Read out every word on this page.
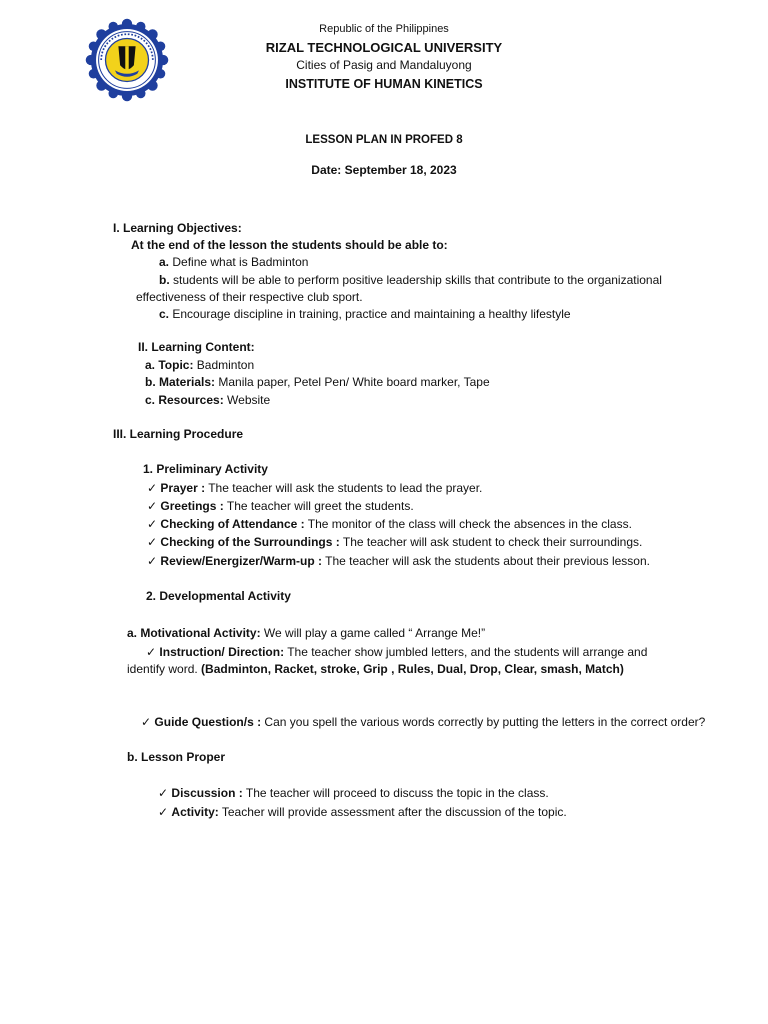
Republic of the Philippines
RIZAL TECHNOLOGICAL UNIVERSITY
Cities of Pasig and Mandaluyong
INSTITUTE OF HUMAN KINETICS
LESSON PLAN IN PROFED 8
Date: September 18, 2023
I. Learning Objectives:
At the end of the lesson the students should be able to:
a. Define what is Badminton
b. students will be able to perform positive leadership skills that contribute to the organizational
effectiveness of their respective club sport.
c. Encourage discipline in training, practice and maintaining a healthy lifestyle
II. Learning Content:
a. Topic: Badminton
b. Materials: Manila paper, Petel Pen/ White board marker, Tape
c. Resources: Website
III. Learning Procedure
1. Preliminary Activity
✓ Prayer : The teacher will ask the students to lead the prayer.
✓ Greetings : The teacher will greet the students.
✓ Checking of Attendance : The monitor of the class will check the absences in the class.
✓ Checking of the Surroundings : The teacher will ask student to check their surroundings.
✓ Review/Energizer/Warm-up : The teacher will ask the students about their previous lesson.
2. Developmental Activity
a. Motivational Activity: We will play a game called “ Arrange Me!”
✓ Instruction/ Direction: The teacher show jumbled letters, and the students will arrange and
identify word. (Badminton, Racket, stroke, Grip , Rules, Dual, Drop, Clear, smash, Match)
✓ Guide Question/s : Can you spell the various words correctly by putting the letters in the correct order?
b. Lesson Proper
✓ Discussion : The teacher will proceed to discuss the topic in the class.
✓ Activity: Teacher will provide assessment after the discussion of the topic.
